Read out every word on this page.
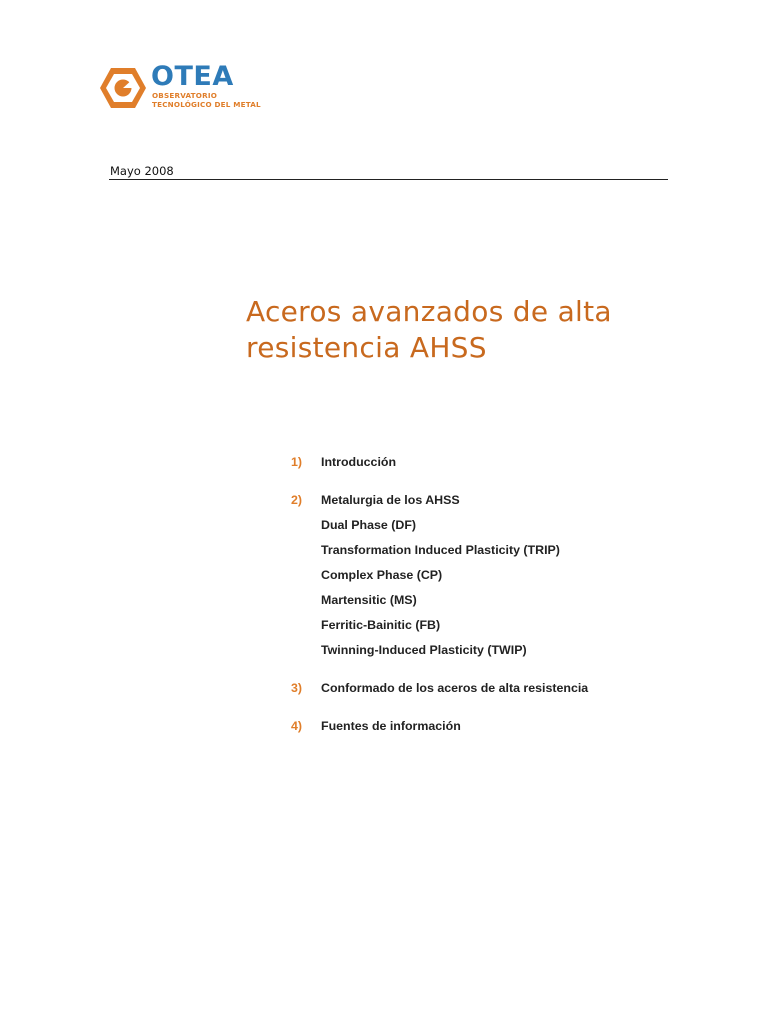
OTEA
OBSERVATORIO
TECNOLÓGICO DEL METAL
Mayo 2008
Aceros avanzados de alta resistencia AHSS
1) Introducción
2) Metalurgia de los AHSS
Dual Phase (DF)
Transformation Induced Plasticity (TRIP)
Complex Phase (CP)
Martensitic (MS)
Ferritic-Bainitic (FB)
Twinning-Induced Plasticity (TWIP)
3) Conformado de los aceros de alta resistencia
4) Fuentes de información
